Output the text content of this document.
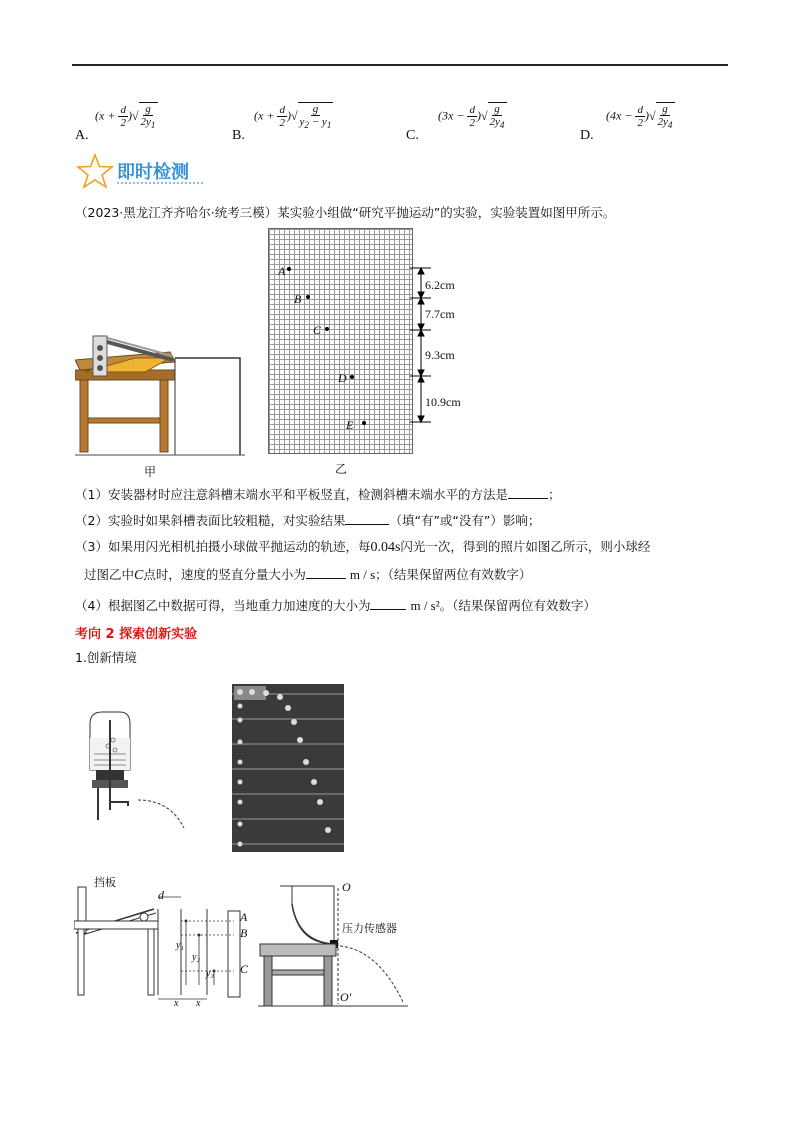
A.
($x + \frac{d}{2}$ )√ $\frac{g}{2y_1}$
B.
($x + \frac{d}{2}$ )√ $\frac{g}{y_2 - y_1}$
C.
($3x - \frac{d}{2}$ )√ $\frac{g}{2y_4}$
D.
($4x - \frac{d}{2}$ )√ $\frac{g}{2y_4}$
即时检测
（2023·黑龙江齐齐哈尔·统考三模）某实验小组做“研究平抛运动”的实验，实验装置如图甲所示。
甲
A
B
C
D
E
6.2cm
7.7cm
9.3cm
10.9cm
乙
（1）安装器材时应注意斜槽末端水平和平板竖直，检测斜槽末端水平的方法是	；
（2）实验时如果斜槽表面比较粗糙，对实验结果	（填“有”或“没有”）影响；
（3）如果用闪光相机拍摄小球做平抛运动的轨迹，每0.04s闪光一次，得到的照片如图乙所示，则小球经
过图乙中C点时，速度的竖直分量大小为	m / s；（结果保留两位有效数字）
（4）根据图乙中数据可得，当地重力加速度的大小为	m / s²。（结果保留两位有效数字）
考向 2 探索创新实验
1.创新情境
挡板
d
A
B
C
y₁
y₂
y₃
x x
O
压力传感器
O′
